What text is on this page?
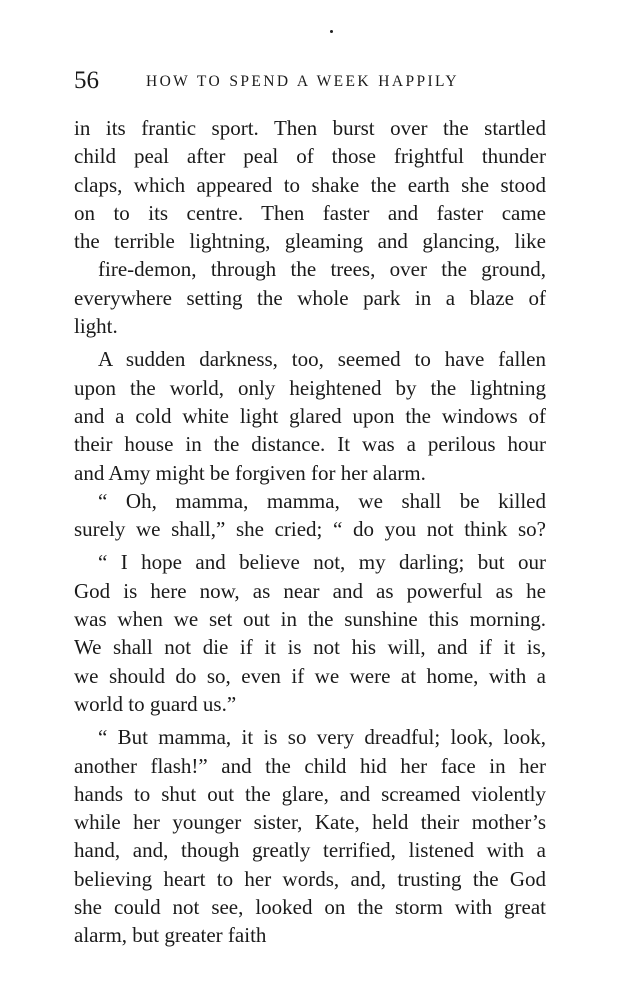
56	HOW TO SPEND A WEEK HAPPILY
in its frantic sport. Then burst over the startled
child peal after peal of those frightful thunder
claps, which appeared to shake the earth she stood
on to its centre. Then faster and faster came
the terrible lightning, gleaming and glancing, like
fire-demon, through the trees, over the ground,
everywhere setting the whole park in a blaze of
light.
A sudden darkness, too, seemed to have fallen
upon the world, only heightened by the lightning
and a cold white light glared upon the windows of
their house in the distance. It was a perilous hour
and Amy might be forgiven for her alarm.
“ Oh, mamma, mamma, we shall be killed
surely we shall,” she cried; “ do you not think so?
“ I hope and believe not, my darling; but our
God is here now, as near and as powerful as he
was when we set out in the sunshine this morning.
We shall not die if it is not his will, and if it is,
we should do so, even if we were at home, with a
world to guard us.”
“ But mamma, it is so very dreadful; look, look,
another flash!” and the child hid her face in her
hands to shut out the glare, and screamed violently
while her younger sister, Kate, held their mother’s
hand, and, though greatly terrified, listened with a
believing heart to her words, and, trusting the God
she could not see, looked on the storm with great
alarm, but greater faith
